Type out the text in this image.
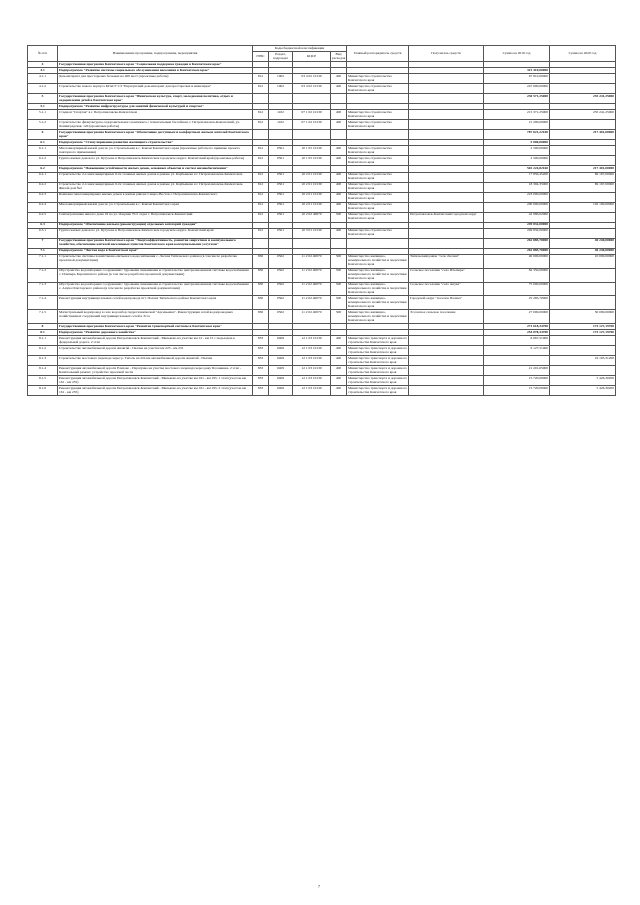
№ п/п	Наименование программы, подпрограммы, мероприятия	Коды бюджетной классификации				Главный распорядитель средств	Получатель средств	Сумма на 2019 год	Сумма на 2020 год
		ГРБС	Раздел, подраздел	КЦСР	Вид расходов				
4	Государственная программа Камчатского края "Социальная поддержка граждан в Камчатском крае"								
4.1	Подпрограмма "Развитие системы социального обслуживания населения в Камчатском крае"							315 410,00000	
4.1.1	Дом-интернат для престарелых больных на 400 мест (проектные работы)	812	1002	03 4 02 10130	400	Министерство строительства Камчатского края		67 810,00000	
4.1.2	Строительство нового корпуса КГАСУ СЗ "Паратунский дом-интернат для престарелых и инвалидов"	812	1002	03 4 02 10130	400	Министерство строительства Камчатского края		247 600,00000	
5	Государственная программа Камчатского края "Физическая культура, спорт, молодежная политика, отдых и оздоровление детей в Камчатском крае"							230 571,25000	235 241,25000
5.1	Подпрограмма "Развитие инфраструктуры для занятий физической культурой и спортом"								
5.1.1	Стадион "Спартак" в г. Петропавловске-Камчатском	812	1102	07 1 02 10130	400	Министерство строительства Камчатского края		215 371,25000	235 241,25000
5.1.2	Строительство физкультурно-оздоровительного комплекса с плавательным бассейном, г. Петропавловск-Камчатский, ул. Ленинградская, 120 (проектные работы)	812	1102	07 1 02 10130	400	Министерство строительства Камчатского края		15 200,00000	
6	Государственная программа Камчатского края "Обеспечение доступным и комфортным жильем жителей Камчатского края"							787 021,22100	217 401,00000
6.1	Подпрограмма "Стимулирование развития жилищного строительства"							5 000,00000	
6.1.1	Многоквартирный жилой дом по ул. Строительная в с. Ключи Камчатского края (проектные работы по привязке проекта повторного применения)	812	0501	10 1 05 10130	400	Министерство строительства Камчатского края		2 500,00000	
6.1.2	Группа жилых домов по ул. Кутузова в Петропавловск-Камчатском городском округе. Камчатский край (проектные работы)	812	0501	10 1 05 10130	400	Министерство строительства Камчатского края		2 500,00000	
6.2	Подпрограмма "Повышение устойчивости жилых домов, основных объектов и систем жизнеобеспечения"							502 224,82160	217 401,00000
6.2.1	Строительство 2-х многоквартирных 9-ти этажных жилых домов в районе ул. Карбышева в г. Петропавловске-Камчатском	812	0501	10 2 01 10130	400	Министерство строительства Камчатского края		17 850,45200	69 167,00000
6.2.2	Строительство 2-х многоквартирных 9-ти этажных жилых домов в районе ул. Карбышева в г. Петропавловске-Камчатском. Жилой дом №2	812	0501	10 2 01 10130	400	Министерство строительства Камчатского края		18 394,35000	69 167,00000
6.2.3	Комплекс многоквартирных жилых домов в жилом районе Северо-Восток г. Петропавловска-Камчатского	812	0501	10 2 01 10130	400	Министерство строительства Камчатского края		223 000,00000	
6.2.4	Многоквартирный жилой дом по ул. Строительная в с. Ключи Камчатского края	812	0501	10 2 01 10130	400	Министерство строительства Камчатского края		200 000,00000	102 100,00000
6.2.5	Сейсмоусиление жилого дома 19 по ул. Озерная 7б/2 отдел г. Петропавловск-Камчатский	812	0501	10 2 02 40070	500	Министерство строительства Камчатского края	Петропавловск-Камчатский городской округ	42 980,02060	
6.3	Подпрограмма "Обеспечение жильем (реконструкция) отдельных категорий граждан"							249 832,00000	
6.3.1	Группа жилых домов по ул. Кутузова в Петропавловск-Камчатском городском округе. Камчатский край	812	0501	10 3 01 10130	400	Министерство строительства Камчатского края		249 832,00000	
7	Государственная программа Камчатского края "Энергоэффективность, развитие энергетики и коммунального хозяйства, обеспечение жителей населенных пунктов Камчатского края коммунальными услугами"							262 885,70000	40 240,00000
7.1	Подпрограмма "Чистая вода в Камчатском крае"							262 885,70000	40 240,00000
7.1.1	Строительство системы хозяйственно-питьевого водоснабжения с. Лесная Тигильского района (в том числе разработка проектной документации)	830	0502	11 2 02 40070	500	Министерство жилищно-коммунального хозяйства и энергетики Камчатского края	Тигильский район "село Лесная"	40 000,00000	10 000,00000
7.1.2	Обустройство водозаборных сооружений с буровыми скважинами и строительство централизованной системы водоснабжения с. Ильпырь Карагинского района (в том числе разработка проектной документации)	830	0502	11 2 02 40070	500	Министерство жилищно-коммунального хозяйства и энергетики Камчатского края	Сельское поселение "село Ильпырь"	82 350,00000	
7.1.3	Обустройство водозаборных сооружений с буровыми скважинами и строительство централизованной системы водоснабжения с. Апука Олюторского района (в том числе разработка проектной документации)	830	0502	11 2 02 40070	500	Министерство жилищно-коммунального хозяйства и энергетики Камчатского края	Сельское поселение "село Апука"	75 000,00000	
7.1.4	Реконструкция внутриквартальных сетей водопровода пгт. Палана Тигильского района Камчатского края	830	0502	11 2 02 40070	500	Министерство жилищно-коммунального хозяйства и энергетики Камчатского края	Городской округ "поселок Палана"	25 285,70000	
7.1.5	Магистральный водопровод в селе водозабор гидротехнической "Арсеньевка". Реконструкция сетей водопроводных хозяйственных сооружений внутриквартальных сетей в Эссо	830	0502	11 2 02 40070	500	Министерство жилищно-коммунального хозяйства и энергетики Камчатского края	Эссовское сельское поселение	27 000,00000	30 000,00000
8	Государственная программа Камчатского края "Развитие транспортной системы в Камчатском крае"							271 618,34700	173 127,19700
8.1	Подпрограмма "Развитие дорожного хозяйства"							254 078,34700	173 127,19700
8.1.1	Реконструкция автомобильной дороги Петропавловск-Камчатский - Мильково на участке км 12 - км 15 с подъездом к федеральной дороге. 2 этап	833	0409	12 1 03 10130	400	Министерство транспорта и дорожного строительства Камчатского края		6 067,51900	
8.1.2	Строительство автомобильной дороги Анавгай - Палана на участке км 225 - км 231	833	0409	12 1 03 10130	400	Министерство транспорта и дорожного строительства Камчатского края		6 127,51900	
8.1.3	Строительство мостового перехода через р. Тиголь на 224 км автомобильной дороги Анавгай - Палана	833	0409	12 1 03 10130	400	Министерство транспорта и дорожного строительства Камчатского края			16 105,31200
8.1.4	Реконструкция автомобильной дороги Елизово - Паратунка на участке мостового перехода через реку Половинка. 2 этап - Капитальный ремонт, устройство проезжей части	833	0409	12 1 03 10130	400	Министерство транспорта и дорожного строительства Камчатского края		21 201,65900	
8.1.5	Реконструкция автомобильной дороги Петропавловск-Камчатский - Мильково на участке км 161 - км 195. 1 этап (участок км 161 - км 255)	833	0409	12 1 03 10130	400	Министерство транспорта и дорожного строительства Камчатского края		15 720,00000	5 426,30200
8.1.6	Реконструкция автомобильной дороги Петропавловск-Камчатский - Мильково на участке км 161 - км 195. 2 этап (участок км 161 - км 255)	833	0409	12 1 03 10130	400	Министерство транспорта и дорожного строительства Камчатского края		15 720,00000	5 426,30200
7
